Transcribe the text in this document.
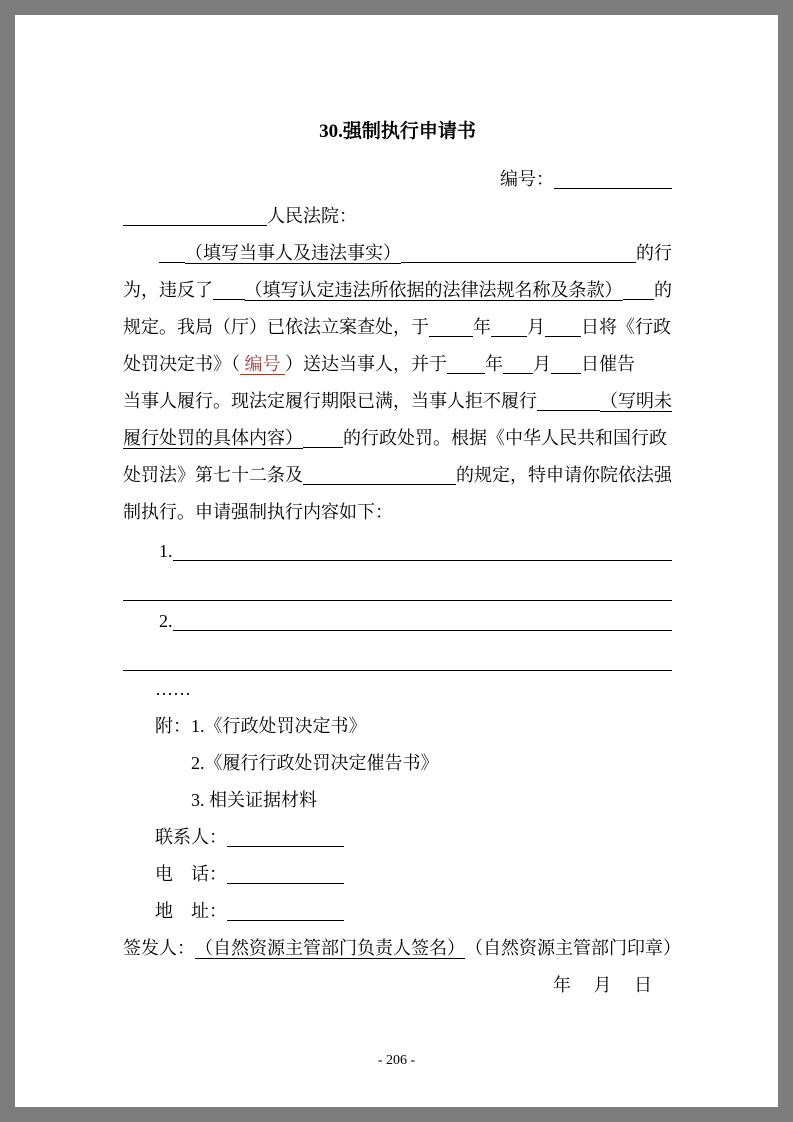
30.强制执行申请书
编号：
人民法院：
（填写当事人及违法事实）	的行
为，违反了 （填写认定违法所依据的法律法规名称及条款） 的
规定。我局（厅）已依法立案查处，于 年 月 日将《行政
处罚决定书》（ 编号 ）送达当事人，并于 年 月 日催告
当事人履行。现法定履行期限已满，当事人拒不履行	（写明未
履行处罚的具体内容） 的行政处罚。根据《中华人民共和国行政
处罚法》第七十二条及	的规定，特申请你院依法强
制执行。申请强制执行内容如下：
1.
2.
……
附：1.《行政处罚决定书》
2.《履行行政处罚决定催告书》
3. 相关证据材料
联系人：
电　话：
地　址：
签发人： （自然资源主管部门负责人签名） （自然资源主管部门印章）
年　 月　 日
- 206 -
